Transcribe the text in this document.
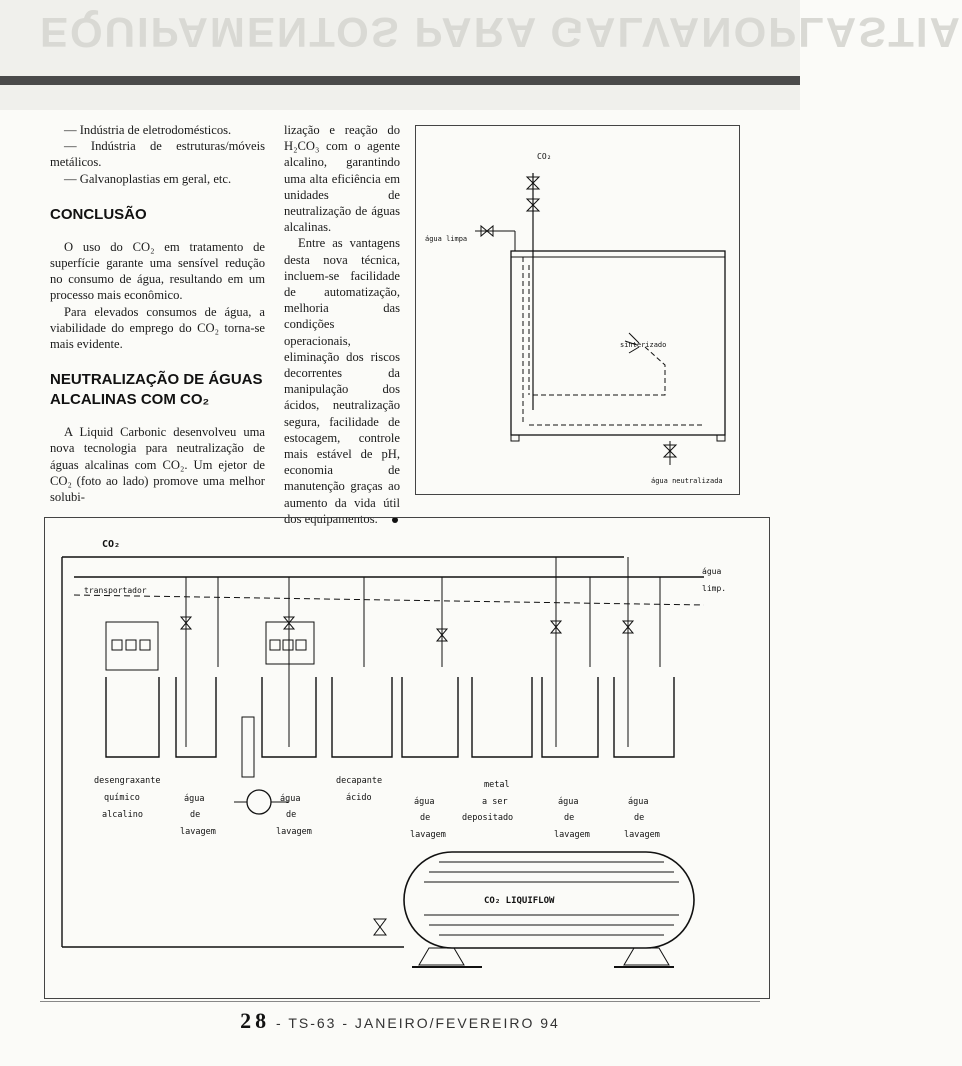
EQUIPAMENTOS PARA GALVANOPLASTIA

— Indústria de eletrodomésticos.

— Indústria de estruturas/móveis metálicos.

— Galvanoplastias em geral, etc.

CONCLUSÃO

O uso do CO₂ em tratamento de superfície garante uma sensível redução no consumo de água, resultando em um processo mais econômico.

Para elevados consumos de água, a viabilidade do emprego do CO₂ torna-se mais evidente.

NEUTRALIZAÇÃO DE ÁGUAS ALCALINAS COM CO₂

A Liquid Carbonic desenvolveu uma nova tecnologia para neutralização de águas alcalinas com CO₂. Um ejetor de CO₂ (foto ao lado) promove uma melhor solubi-

lização e reação do H₂CO₃ com o agente alcalino, garantindo uma alta eficiência em unidades de neutralização de águas alcalinas.

Entre as vantagens desta nova técnica, incluem-se facilidade de automatização, melhoria das condições operacionais, eliminação dos riscos decorrentes da manipulação dos ácidos, neutralização segura, facilidade de estocagem, controle mais estável de pH, economia de manutenção graças ao aumento da vida útil dos equipamentos.

CO₂
água limpa
sinterizado
água neutralizada
CO₂
água
limp.
transportador
desengraxante
químico
alcalino
água
de
lavagem
água
de
lavagem
decapante
ácido	água
de
lavagem
metal
a ser
depositado
água
de
lavagem
água
de
lavagem
CO₂ LIQUIFLOW
28 - TS-63 - JANEIRO/FEVEREIRO 94
